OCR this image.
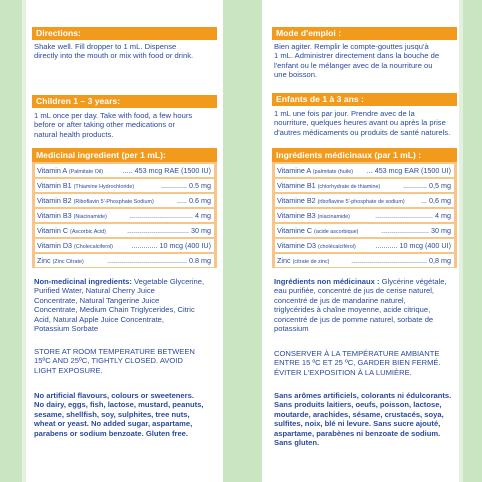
Directions:
Shake well. Fill dropper to 1 mL. Dispense
directly into the mouth or mix with food or drink.
Children 1 – 3 years:
1 mL once per day. Take with food, a few hours
before or after taking other medications or
natural health products.
Medicinal ingredient (per 1 mL):
Vitamin A (Palmitate Oil)	..... 453 mcg RAE (1500 IU)
Vitamin B1 (Thiamine Hydrochloride)	............. 0.5 mg
Vitamin B2 (Riboflavin 5'-Phosphate Sodium)	..... 0.6 mg
Vitamin B3 (Niacinamide)	................................ 4 mg
Vitamin C (Ascorbic Acid)	............................... 30 mg
Vitamin D3 (Cholecalciferol)	............. 10 mcg (400 IU)
Zinc (Zinc Citrate)	........................................ 0.8 mg
Non-medicinal ingredients: Vegetable Glycerine,
Purified Water, Natural Cherry Juice
Concentrate, Natural Tangerine Juice
Concentrate, Medium Chain Triglycerides, Citric
Acid, Natural Apple Juice Concentrate,
Potassium Sorbate
STORE AT ROOM TEMPERATURE BETWEEN
15ºC AND 25ºC, TIGHTLY CLOSED. AVOID
LIGHT EXPOSURE.
No artificial flavours, colours or sweeteners.
No dairy, eggs, fish, lactose, mustard, peanuts,
sesame, shellfish, soy, sulphites, tree nuts,
wheat or yeast. No added sugar, aspartame,
parabens or sodium benzoate. Gluten free.
Mode d'emploi :
Bien agiter. Remplir le compte-gouttes jusqu'à
1 mL. Administrer directement dans la bouche de
l'enfant ou le mélanger avec de la nourriture ou
une boisson.
Enfants de 1 à 3 ans :
1 mL une fois par jour. Prendre avec de la
nourriture, quelques heures avant ou après la prise
d'autres médicaments ou produits de santé naturels.
Ingrédients médicinaux (par 1 mL) :
Vitamine A (palmitate (huile) ... 453 mcg EAR (1500 UI)
Vitamine B1 (chlorhydrate de thiamine)	............ 0,5 mg
Vitamine B2 (riboflavine 5'-phosphate de sodium) ... 0,6 mg
Vitamine B3 (niacinamide)	............................. 4 mg
Vitamine C (acide ascorbique)	........................ 30 mg
Vitamine D3 (cholécalciférol)	........... 10 mcg (400 UI)
Zinc (citrate de zinc)	...................................... 0,8 mg
Ingrédients non médicinaux : Glycérine végétale,
eau purifiée, concentré de jus de cerise naturel,
concentré de jus de mandarine naturel,
triglycérides à chaîne moyenne, acide citrique,
concentré de jus de pomme naturel, sorbate de
potassium
CONSERVER À LA TEMPÉRATURE AMBIANTE
ENTRE 15 ºC ET 25 ºC, GARDER BIEN FERMÉ.
ÉVITER L'EXPOSITION À LA LUMIÈRE.
Sans arômes artificiels, colorants ni édulcorants.
Sans produits laitiers, oeufs, poisson, lactose,
moutarde, arachides, sésame, crustacés, soya,
sulfites, noix, blé ni levure. Sans sucre ajouté,
aspartame, parabènes ni benzoate de sodium.
Sans gluten.
